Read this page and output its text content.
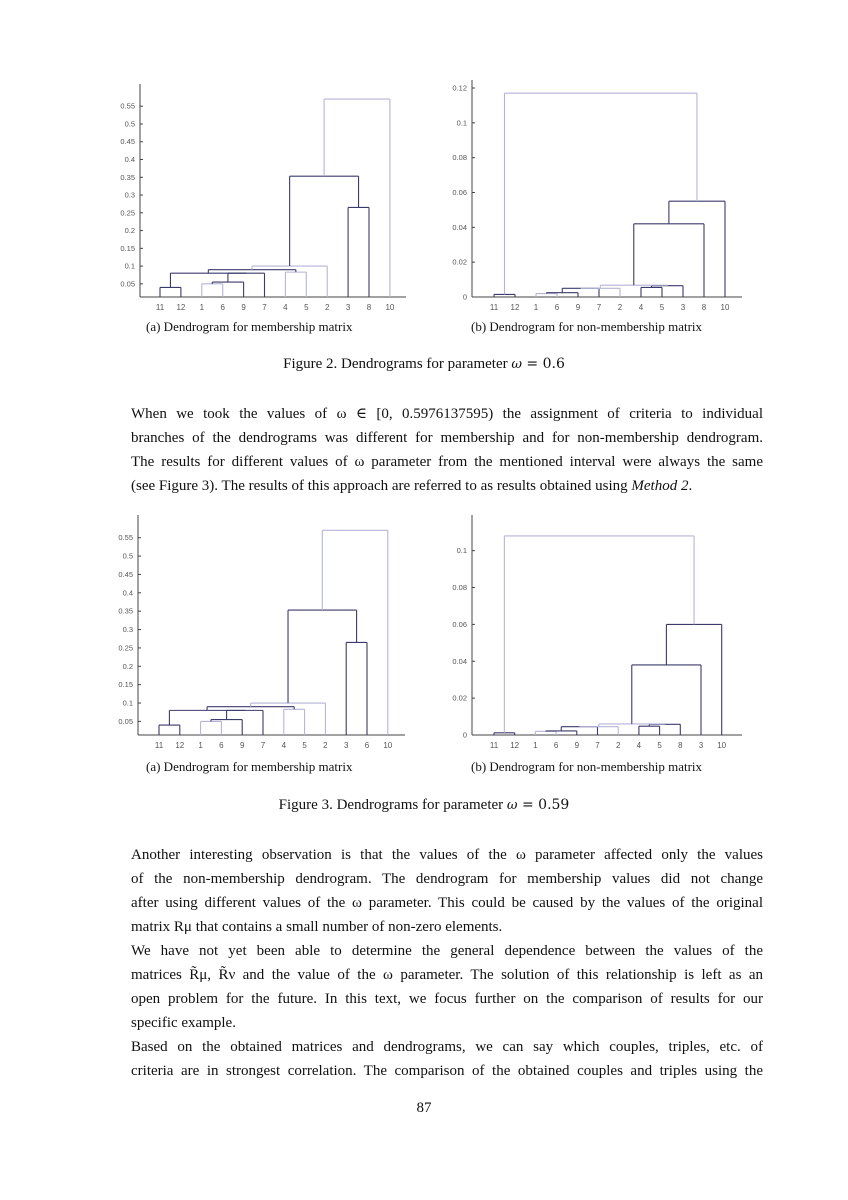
0.05
0.1
0.15
0.2
0.25
0.3
0.35
0.4
0.45
0.5
0.55
11 12 1 6 9 7 4 5 2 3 8 10
0
0.02
0.04
0.06
0.08
0.1
0.12
11 12 1 6 9 7 2 4 5 3 8 10
(a) Dendrogram for membership matrix	(b) Dendrogram for non-membership matrix
Figure 2. Dendrograms for parameter ω = 0.6
When we took the values of ω ∈ [0, 0.5976137595) the assignment of criteria to individual
branches of the dendrograms was different for membership and for non-membership dendrogram.
The results for different values of ω parameter from the mentioned interval were always the same
(see Figure 3). The results of this approach are referred to as results obtained using Method 2.
0.05
0.1
0.15
0.2
0.25
0.3
0.35
0.4
0.45
0.5
0.55
11 12 1 6 9 7 4 5 2 3 6 10
0
0.02
0.04
0.06
0.08
0.1
11 12 1 6 9 7 2 4 5 8 3 10
(a) Dendrogram for membership matrix	(b) Dendrogram for non-membership matrix
Figure 3. Dendrograms for parameter ω = 0.59
Another interesting observation is that the values of the ω parameter affected only the values
of the non-membership dendrogram. The dendrogram for membership values did not change
after using different values of the ω parameter. This could be caused by the values of the original
matrix Rμ that contains a small number of non-zero elements.
We have not yet been able to determine the general dependence between the values of the
matrices R̃μ, R̃ν and the value of the ω parameter. The solution of this relationship is left as an
open problem for the future. In this text, we focus further on the comparison of results for our
specific example.
Based on the obtained matrices and dendrograms, we can say which couples, triples, etc. of
criteria are in strongest correlation. The comparison of the obtained couples and triples using the
87
